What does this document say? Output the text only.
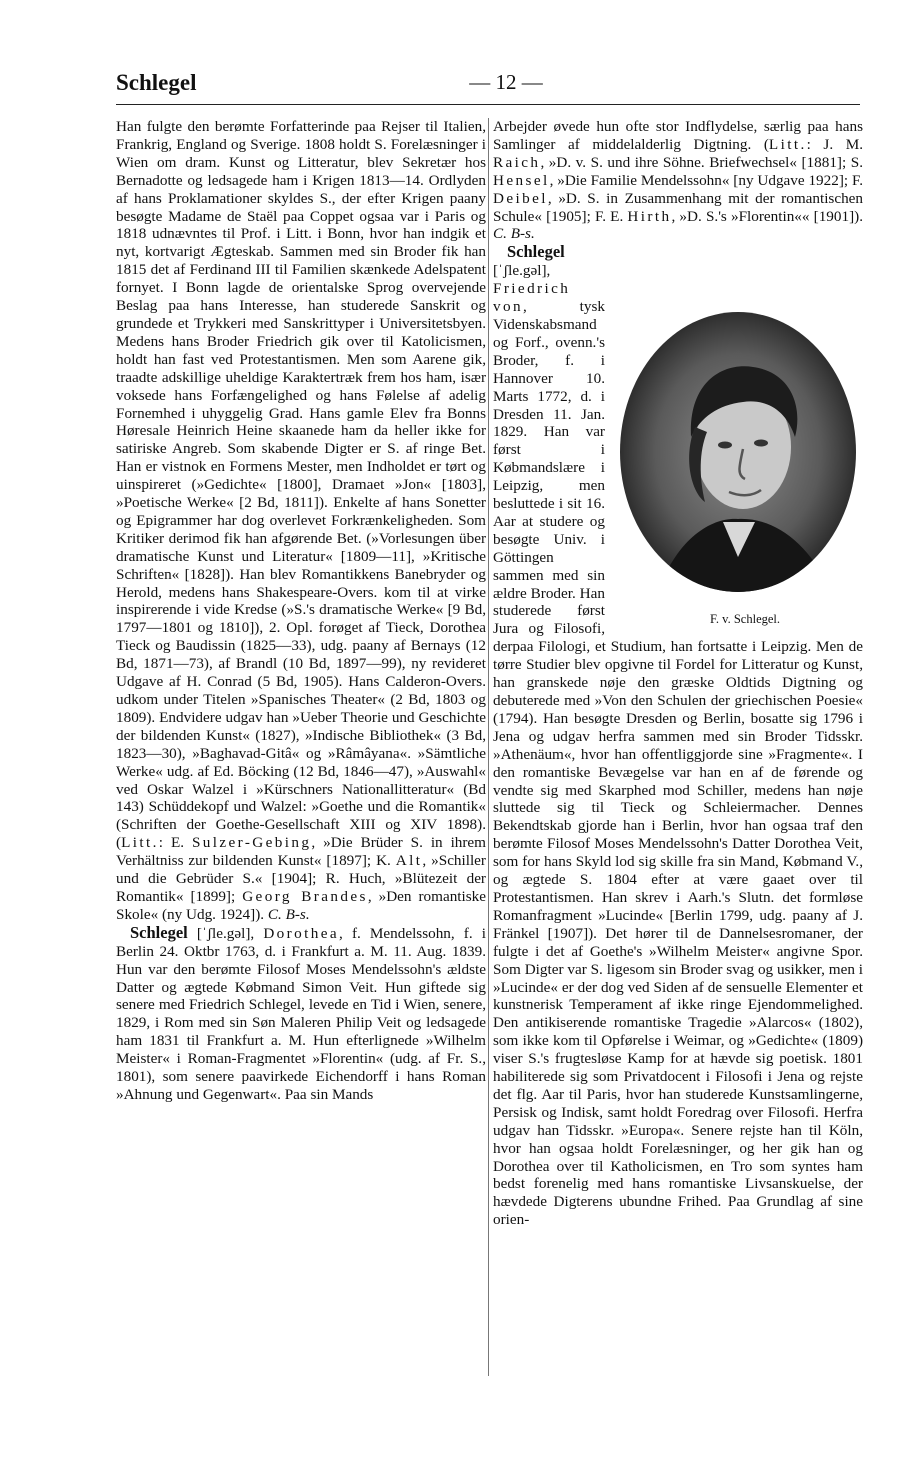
Schlegel	— 12 —

Han fulgte den berømte Forfatterinde paa Rejser til Italien, Frankrig, England og Sverige. 1808 holdt S. Forelæsninger i Wien om dram. Kunst og Litteratur, blev Sekretær hos Bernadotte og ledsagede ham i Krigen 1813—14. Ordlyden af hans Proklamationer skyldes S., der efter Krigen paany besøgte Madame de Staël paa Coppet ogsaa var i Paris og 1818 udnævntes til Prof. i Litt. i Bonn, hvor han indgik et nyt, kortvarigt Ægteskab. Sammen med sin Broder fik han 1815 det af Ferdinand III til Familien skænkede Adelspatent fornyet. I Bonn lagde de orientalske Sprog overvejende Beslag paa hans Interesse, han studerede Sanskrit og grundede et Trykkeri med Sanskrittyper i Universitetsbyen. Medens hans Broder Friedrich gik over til Katolicismen, holdt han fast ved Protestantismen. Men som Aarene gik, traadte adskillige uheldige Karaktertræk frem hos ham, især voksede hans Forfængelighed og hans Følelse af adelig Fornemhed i uhyggelig Grad. Hans gamle Elev fra Bonns Høresale Heinrich Heine skaanede ham da heller ikke for satiriske Angreb. Som skabende Digter er S. af ringe Bet. Han er vistnok en Formens Mester, men Indholdet er tørt og uinspireret (»Gedichte« [1800], Dramaet »Jon« [1803], »Poetische Werke« [2 Bd, 1811]). Enkelte af hans Sonetter og Epigrammer har dog overlevet Forkrænkeligheden. Som Kritiker derimod fik han afgørende Bet. (»Vorlesungen über dramatische Kunst und Literatur« [1809—11], »Kritische Schriften« [1828]). Han blev Romantikkens Banebryder og Herold, medens hans Shakespeare-Overs. kom til at virke inspirerende i vide Kredse (»S.'s dramatische Werke« [9 Bd, 1797—1801 og 1810]), 2. Opl. forøget af Tieck, Dorothea Tieck og Baudissin (1825—33), udg. paany af Bernays (12 Bd, 1871—73), af Brandl (10 Bd, 1897—99), ny revideret Udgave af H. Conrad (5 Bd, 1905). Hans Calderon-Overs. udkom under Titelen »Spanisches Theater« (2 Bd, 1803 og 1809). Endvidere udgav han »Ueber Theorie und Geschichte der bildenden Kunst« (1827), »Indische Bibliothek« (3 Bd, 1823—30), »Baghavad-Gitâ« og »Râmâyana«. »Sämtliche Werke« udg. af Ed. Böcking (12 Bd, 1846—47), »Auswahl« ved Oskar Walzel i »Kürschners Nationallitteratur« (Bd 143) Schüddekopf und Walzel: »Goethe und die Romantik« (Schriften der Goethe-Gesellschaft XIII og XIV 1898). (Litt.: E. Sulzer-Gebing, »Die Brüder S. in ihrem Verhältniss zur bildenden Kunst« [1897]; K. Alt, »Schiller und die Gebrüder S.« [1904]; R. Huch, »Blütezeit der Romantik« [1899]; Georg Brandes, »Den romantiske Skole« (ny Udg. 1924]). C. B-s.

Schlegel [ˈʃle.gəl], Dorothea, f. Mendelssohn, f. i Berlin 24. Oktbr 1763, d. i Frankfurt a. M. 11. Aug. 1839. Hun var den berømte Filosof Moses Mendelssohn's ældste Datter og ægtede Købmand Simon Veit. Hun giftede sig senere med Friedrich Schlegel, levede en Tid i Wien, senere, 1829, i Rom med sin Søn Maleren Philip Veit og ledsagede ham 1831 til Frankfurt a. M. Hun efterlignede »Wilhelm Meister« i Roman-Fragmentet »Florentin« (udg. af Fr. S., 1801), som senere paavirkede Eichendorff i hans Roman »Ahnung und Gegenwart«. Paa sin Mands

Arbejder øvede hun ofte stor Indflydelse, særlig paa hans Samlinger af middelalderlig Digtning. (Litt.: J. M. Raich, »D. v. S. und ihre Söhne. Briefwechsel« [1881]; S. Hensel, »Die Familie Mendelssohn« [ny Udgave 1922]; F. Deibel, »D. S. in Zusammenhang mit der romantischen Schule« [1905]; F. E. Hirth, »D. S.'s »Florentin«« [1901]). C. B-s.

F. v. Schlegel.
Schlegel [ˈʃle.gəl], Friedrich von, tysk Videnskabsmand og Forf., ovenn.'s Broder, f. i Hannover 10. Marts 1772, d. i Dresden 11. Jan. 1829. Han var først i Købmandslære i Leipzig, men besluttede i sit 16. Aar at studere og besøgte Univ. i Göttingen sammen med sin ældre Broder. Han studerede først Jura og Filosofi, derpaa Filologi, et Studium, han fortsatte i Leipzig. Men de tørre Studier blev opgivne til Fordel for Litteratur og Kunst, han granskede nøje den græske Oldtids Digtning og debuterede med »Von den Schulen der griechischen Poesie« (1794). Han besøgte Dresden og Berlin, bosatte sig 1796 i Jena og udgav herfra sammen med sin Broder Tidsskr. »Athenäum«, hvor han offentliggjorde sine »Fragmente«. I den romantiske Bevægelse var han en af de førende og vendte sig med Skarphed mod Schiller, medens han nøje sluttede sig til Tieck og Schleiermacher. Dennes Bekendtskab gjorde han i Berlin, hvor han ogsaa traf den berømte Filosof Moses Mendelssohn's Datter Dorothea Veit, som for hans Skyld lod sig skille fra sin Mand, Købmand V., og ægtede S. 1804 efter at være gaaet over til Protestantismen. Han skrev i Aarh.'s Slutn. det formløse Romanfragment »Lucinde« [Berlin 1799, udg. paany af J. Fränkel [1907]). Det hører til de Dannelsesromaner, der fulgte i det af Goethe's »Wilhelm Meister« angivne Spor. Som Digter var S. ligesom sin Broder svag og usikker, men i »Lucinde« er der dog ved Siden af de sensuelle Elementer et kunstnerisk Temperament af ikke ringe Ejendommelighed. Den antikiserende romantiske Tragedie »Alarcos« (1802), som ikke kom til Opførelse i Weimar, og »Gedichte« (1809) viser S.'s frugtesløse Kamp for at hævde sig poetisk. 1801 habiliterede sig som Privatdocent i Filosofi i Jena og rejste det flg. Aar til Paris, hvor han studerede Kunstsamlingerne, Persisk og Indisk, samt holdt Foredrag over Filosofi. Herfra udgav han Tidsskr. »Europa«. Senere rejste han til Köln, hvor han ogsaa holdt Forelæsninger, og her gik han og Dorothea over til Katholicismen, en Tro som syntes ham bedst forenelig med hans romantiske Livsanskuelse, der hævdede Digterens ubundne Frihed. Paa Grundlag af sine orien-
